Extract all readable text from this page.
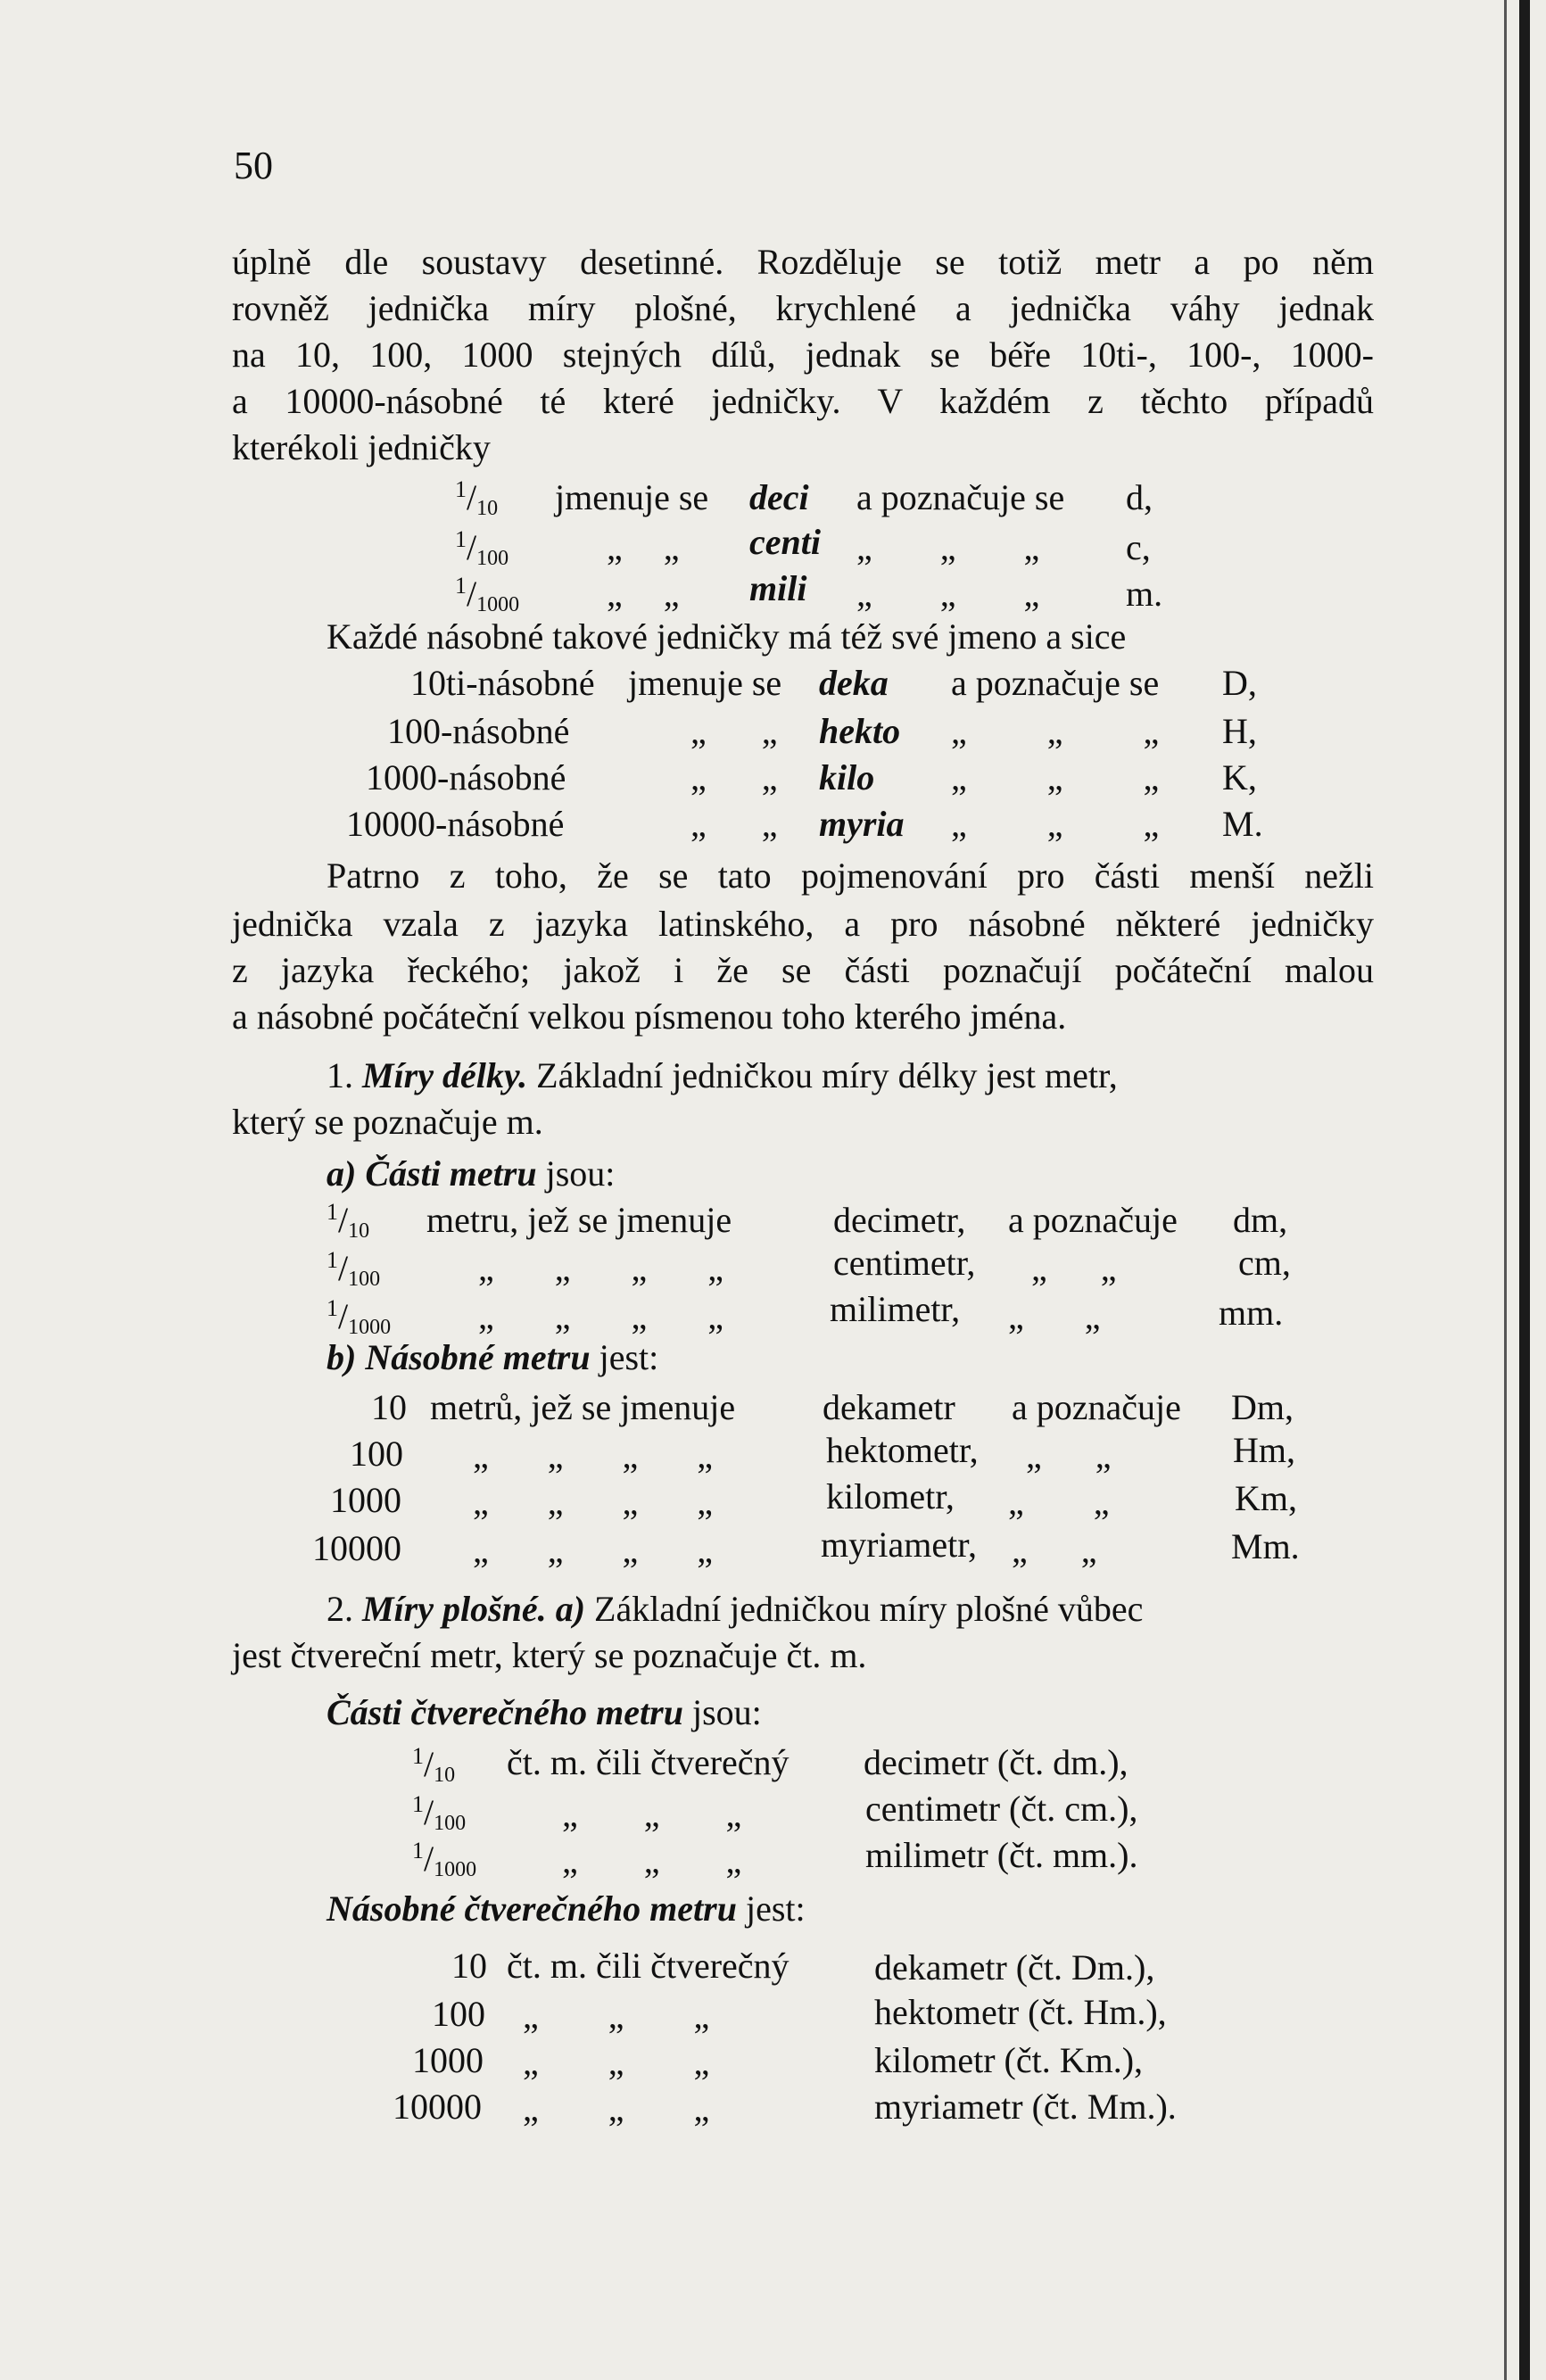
50
úplně dle soustavy desetinné. Rozděluje se totiž metr a po něm
rovněž jednička míry plošné, krychlené a jednička váhy jednak
na 10, 100, 1000 stejných dílů, jednak se béře 10ti-, 100-, 1000-
a 10000-násobné té které jedničky. V každém z těchto případů
kterékoli jedničky
$^1/_{10}$ jmenuje se deci a poznačuje se d,
$^1/_{100}$	„ „ centi „ „ „ c,
$^1/_{1000}$ „ „ mili „ „ „ m.
Každé násobné takové jedničky má též své jmeno a sice
10ti-násobné jmenuje se deka a poznačuje se D,
100-násobné	„ „ hekto „ „ „ H,
1000-násobné	„ „ kilo „ „ „ K,
10000-násobné	„ „ myria „ „ „ M.
Patrno z toho, že se tato pojmenování pro části menší nežli
jednička vzala z jazyka latinského, a pro násobné některé jedničky
z jazyka řeckého; jakož i že se části poznačují počáteční malou
a násobné počáteční velkou písmenou toho kterého jména.
1. Míry délky. Základní jedničkou míry délky jest metr,
který se poznačuje m.
a) Části metru jsou:
$^1/_{10}$ metru, jež se jmenuje	decimetr, a poznačuje dm,
$^1/_{100}$	„ „ „ „	centimetr, „ „	cm,
$^1/_{1000}$ „ „ „ „	milimetr, „ „	mm.
b) Násobné metru jest:
10 metrů, jež se jmenuje dekametr a poznačuje Dm,
100 „ „ „ „	hektometr, „ „	Hm,
1000 „ „ „ „	kilometr, „ „	Km,
10000 „ „ „ „	myriametr, „ „	Mm.
2. Míry plošné. a) Základní jedničkou míry plošné vůbec
jest čtvereční metr, který se poznačuje čt. m.
Části čtverečného metru jsou:
$^1/_{10}$ čt. m. čili čtverečný decimetr (čt. dm.),
$^1/_{100}$	„ „ „	centimetr (čt. cm.),
$^1/_{1000}$ „ „ „	milimetr (čt. mm.).
Násobné čtverečného metru jest:
10 čt. m. čili čtverečný dekametr (čt. Dm.),
100 „ „ „	hektometr (čt. Hm.),
1000 „ „ „	kilometr (čt. Km.),
10000 „ „ „	myriametr (čt. Mm.).
